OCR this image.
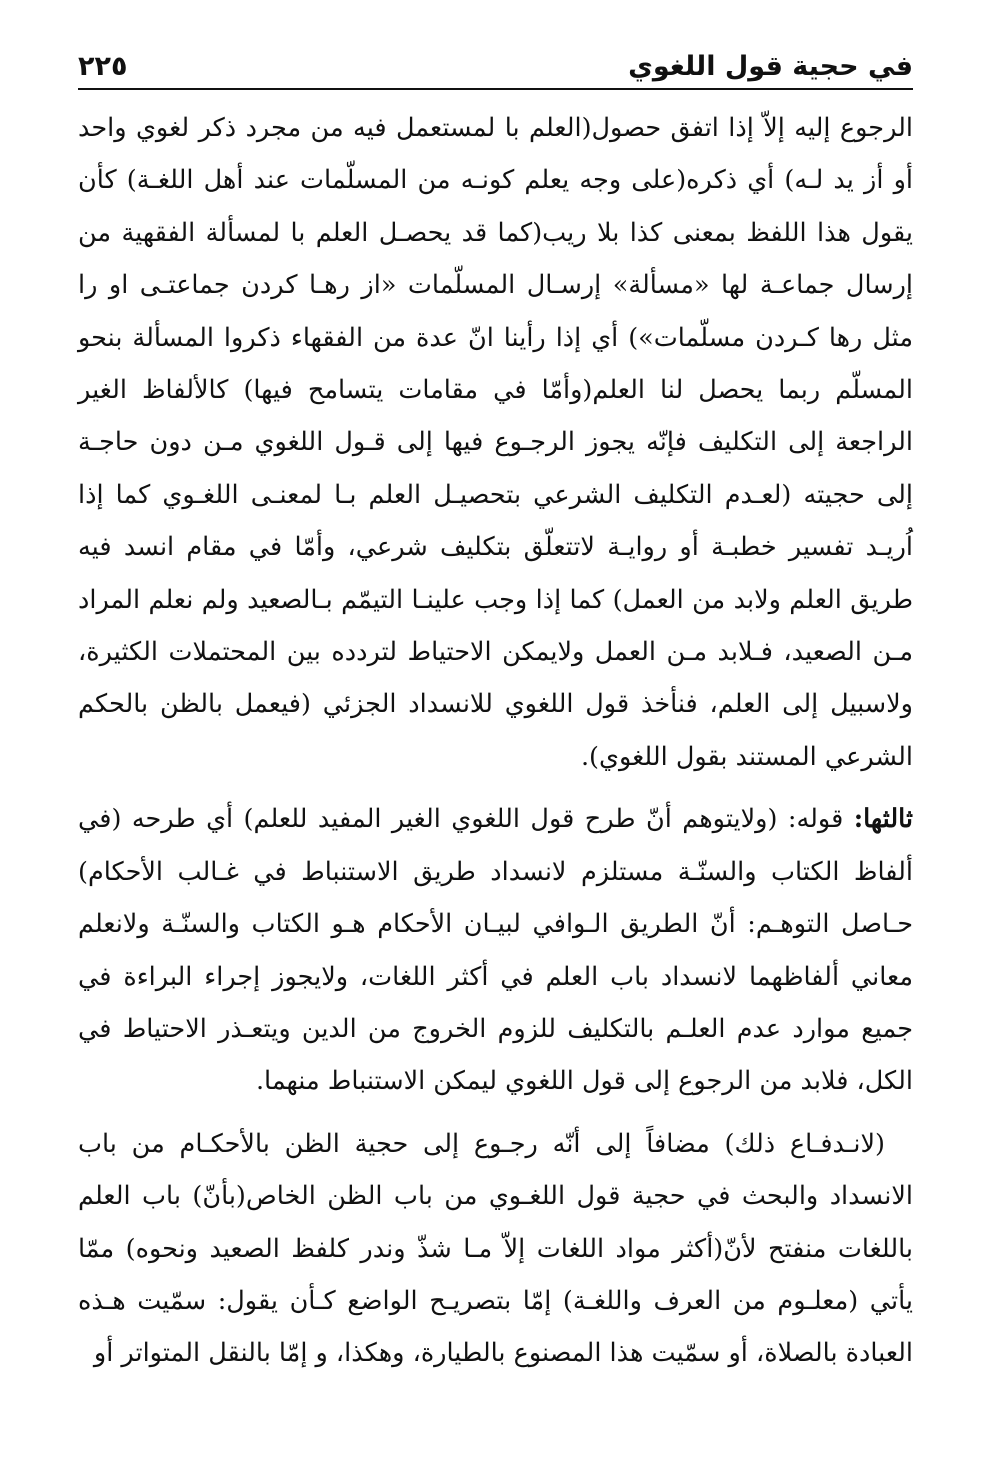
في حجية قول اللغوي
٢٢٥

الرجوع إليه إلاّ إذا اتفق حصول(العلم با لمستعمل فيه من مجرد ذكر لغوي واحد أو أز يد لـه) أي ذكره(على وجه يعلم كونـه من المسلّمات عند أهل اللغـة) كأن يقول هذا اللفظ بمعنى كذا بلا ريب(كما قد يحصـل العلم با لمسألة الفقهية من إرسال جماعـة لها «مسألة» إرسـال المسلّمات «از رهـا كردن جماعتـى او را مثل رها كـردن مسلّمات») أي إذا رأينا انّ عدة من الفقهاء ذكروا المسألة بنحو المسلّم ربما يحصل لنا العلم(وأمّا في مقامات يتسامح فيها) كالألفاظ الغير الراجعة إلى التكليف فإنّه يجوز الرجـوع فيها إلى قـول اللغوي مـن دون حاجـة إلى حجيته (لعـدم التكليف الشرعي بتحصيـل العلم بـا لمعنـى اللغـوي كما إذا اُريـد تفسير خطبـة أو روايـة لاتتعلّق بتكليف شرعي، وأمّا في مقام انسد فيه طريق العلم ولابد من العمل) كما إذا وجب علينـا التيمّم بـالصعيد ولم نعلم المراد مـن الصعيد، فـلابد مـن العمل ولايمكن الاحتياط لتردده بين المحتملات الكثيرة، ولاسبيل إلى العلم، فنأخذ قول اللغوي للانسداد الجزئي (فيعمل بالظن بالحكم الشرعي المستند بقول اللغوي).

ثالثها: قوله: (ولايتوهم أنّ طرح قول اللغوي الغير المفيد للعلم) أي طرحه (في ألفاظ الكتاب والسنّـة مستلزم لانسداد طريق الاستنباط في غـالب الأحكام) حـاصل التوهـم: أنّ الطريق الـوافي لبيـان الأحكام هـو الكتاب والسنّـة ولانعلم معاني ألفاظهما لانسداد باب العلم في أكثر اللغات، ولايجوز إجراء البراءة في جميع موارد عدم العلـم بالتكليف للزوم الخروج من الدين ويتعـذر الاحتياط في الكل، فلابد من الرجوع إلى قول اللغوي ليمكن الاستنباط منهما.

(لانـدفـاع ذلك) مضافاً إلى أنّه رجـوع إلى حجية الظن بالأحكـام من باب الانسداد والبحث في حجية قول اللغـوي من باب الظن الخاص(بأنّ) باب العلم باللغات منفتح لأنّ(أكثر مواد اللغات إلاّ مـا شذّ وندر كلفظ الصعيد ونحوه) ممّا يأتي (معلـوم من العرف واللغـة) إمّا بتصريـح الواضع كـأن يقول: سمّيت هـذه العبادة بالصلاة، أو سمّيت هذا المصنوع بالطيارة، وهكذا، و إمّا بالنقل المتواتر أو
